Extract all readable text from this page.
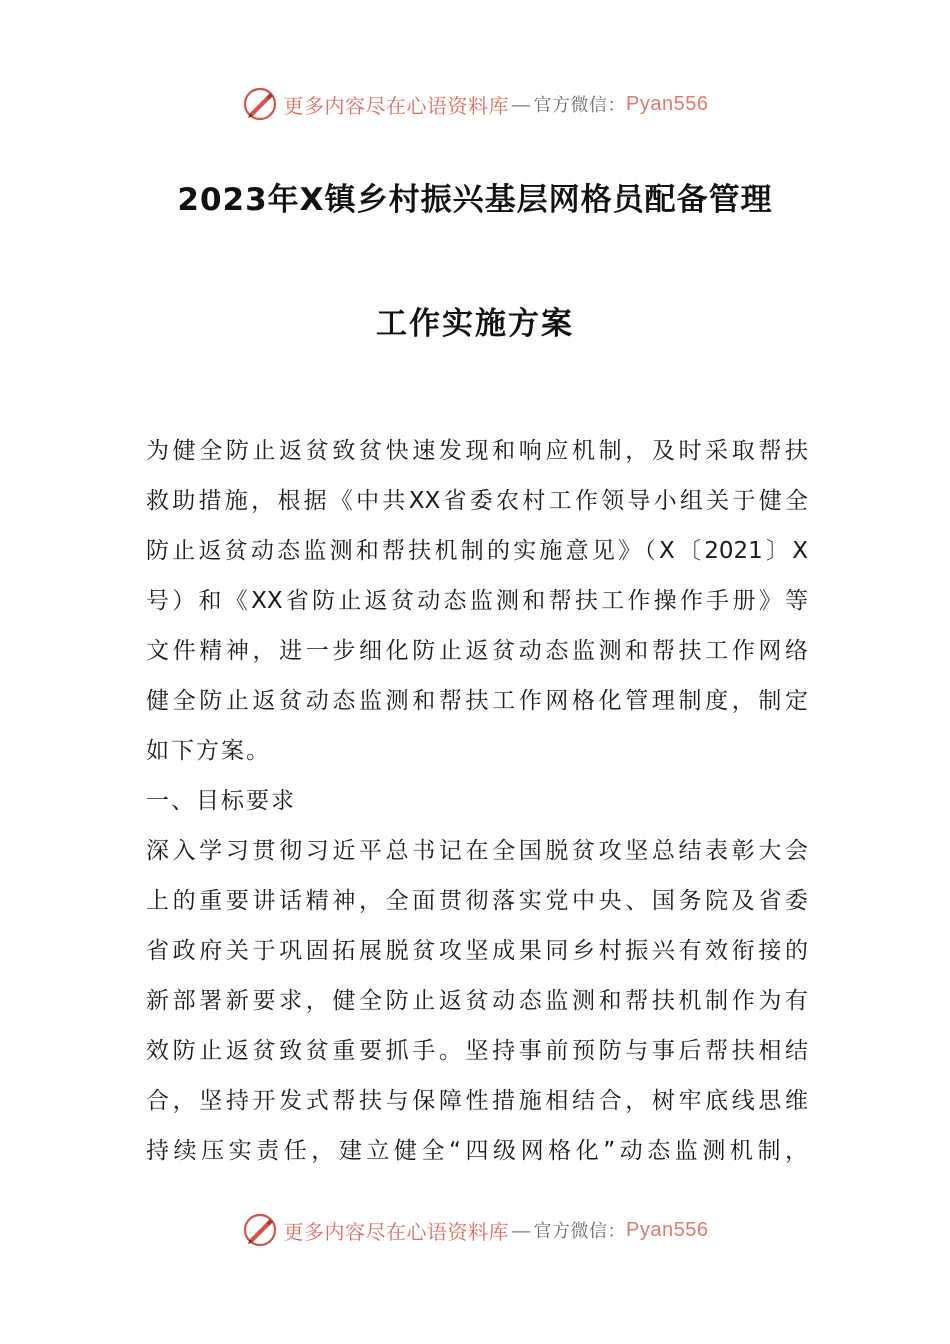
更多内容尽在心语资料库 — 官方微信： Pyan556
2023年X镇乡村振兴基层网格员配备管理
工作实施方案
为健全防止返贫致贫快速发现和响应机制，及时采取帮扶
救助措施，根据《中共XX省委农村工作领导小组关于健全
防止返贫动态监测和帮扶机制的实施意见》（X〔2021〕X
号）和《XX省防止返贫动态监测和帮扶工作操作手册》等
文件精神，进一步细化防止返贫动态监测和帮扶工作网络
健全防止返贫动态监测和帮扶工作网格化管理制度，制定
如下方案。
一、目标要求
深入学习贯彻习近平总书记在全国脱贫攻坚总结表彰大会
上的重要讲话精神，全面贯彻落实党中央、国务院及省委
省政府关于巩固拓展脱贫攻坚成果同乡村振兴有效衔接的
新部署新要求，健全防止返贫动态监测和帮扶机制作为有
效防止返贫致贫重要抓手。坚持事前预防与事后帮扶相结
合，坚持开发式帮扶与保障性措施相结合，树牢底线思维
持续压实责任，建立健全“四级网格化”动态监测机制，
更多内容尽在心语资料库 — 官方微信： Pyan556
